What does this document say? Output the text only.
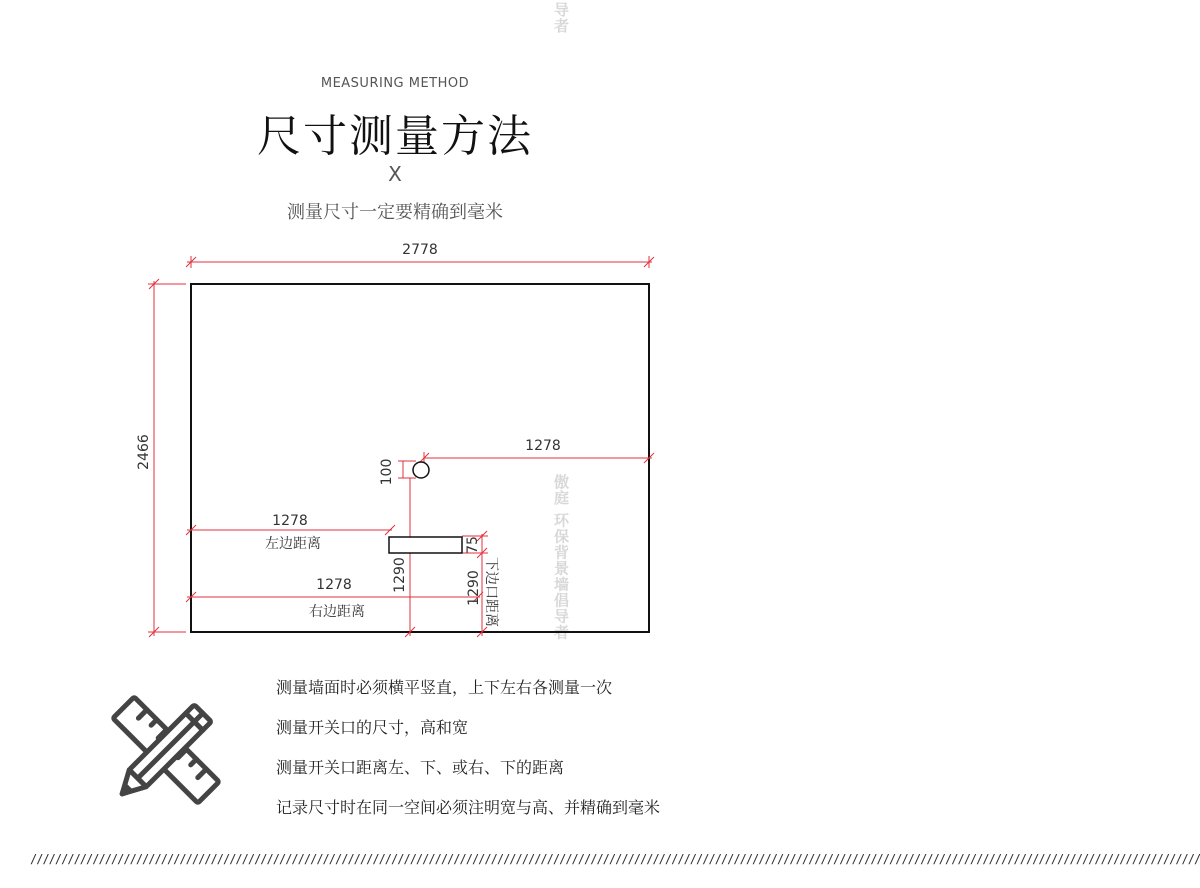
导者
傲庭 环保背景墙倡导者
MEASURING METHOD
尺寸测量方法
X
测量尺寸一定要精确到毫米
2778
2466	1278
100
1278
左边距离
1278
右边距离
75
1290	1290 下边口距离
测量墙面时必须横平竖直，上下左右各测量一次
测量开关口的尺寸，高和宽
测量开关口距离左、下、或右、下的距离
记录尺寸时在同一空间必须注明宽与高、并精确到毫米
////////////////////////////////////////////////////////////////////////////////////////////////////////////////////////////////////////////////////////////////////////////////////////////
